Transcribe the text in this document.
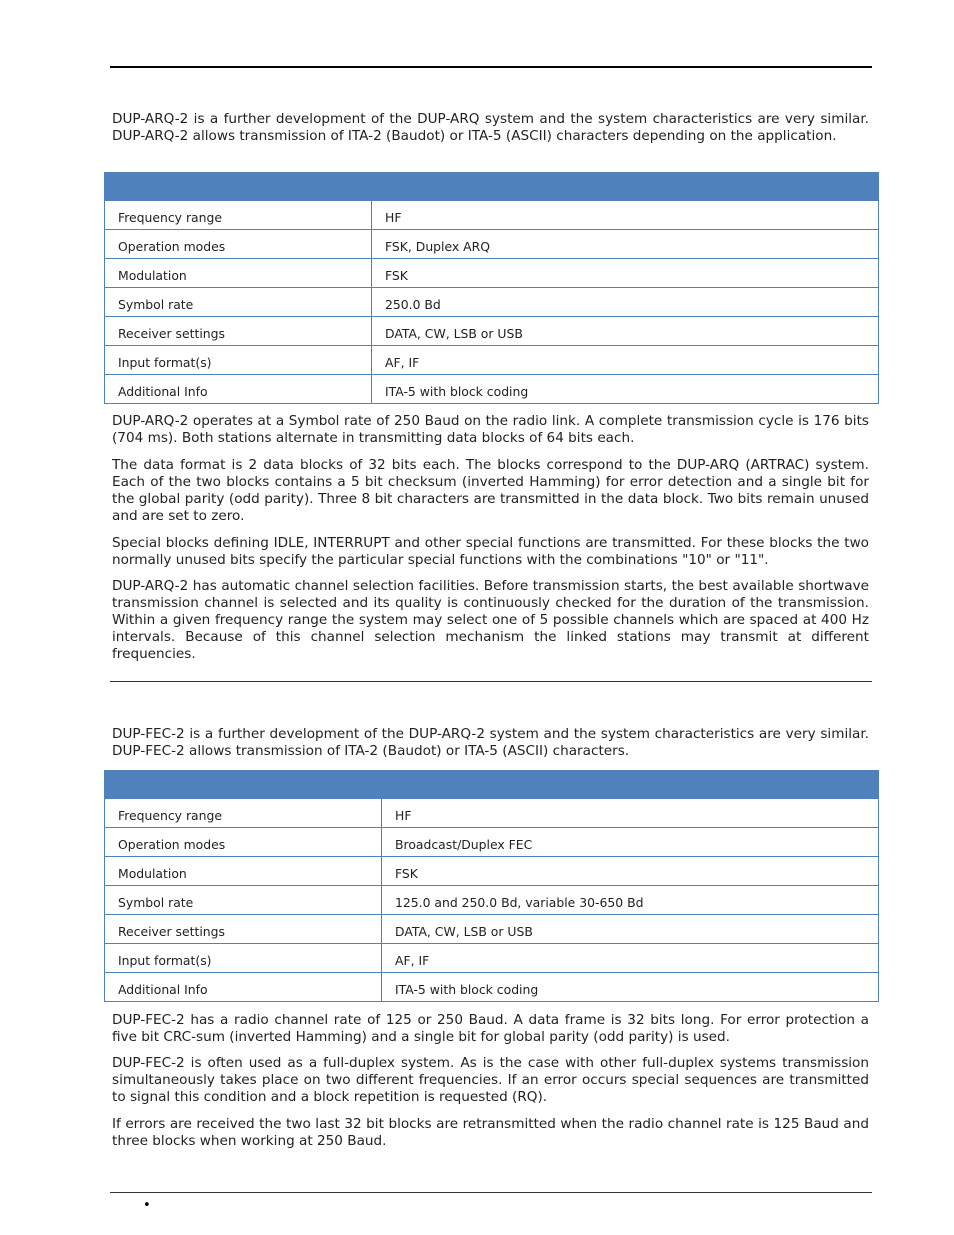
DUP-ARQ-2 is a further development of the DUP-ARQ system and the system characteristics are very similar. DUP-ARQ-2 allows transmission of ITA-2 (Baudot) or ITA-5 (ASCII) characters depending on the application.

Frequency range	HF
Operation modes	FSK, Duplex ARQ
Modulation	FSK
Symbol rate	250.0 Bd
Receiver settings	DATA, CW, LSB or USB
Input format(s)	AF, IF
Additional Info	ITA-5 with block coding

DUP-ARQ-2 operates at a Symbol rate of 250 Baud on the radio link. A complete transmission cycle is 176 bits (704 ms). Both stations alternate in transmitting data blocks of 64 bits each.

The data format is 2 data blocks of 32 bits each. The blocks correspond to the DUP-ARQ (ARTRAC) system. Each of the two blocks contains a 5 bit checksum (inverted Hamming) for error detection and a single bit for the global parity (odd parity). Three 8 bit characters are transmitted in the data block. Two bits remain unused and are set to zero.

Special blocks defining IDLE, INTERRUPT and other special functions are transmitted. For these blocks the two normally unused bits specify the particular special functions with the combinations "10" or "11".

DUP-ARQ-2 has automatic channel selection facilities. Before transmission starts, the best available shortwave transmission channel is selected and its quality is continuously checked for the duration of the transmission. Within a given frequency range the system may select one of 5 possible channels which are spaced at 400 Hz intervals. Because of this channel selection mechanism the linked stations may transmit at different frequencies.

DUP-FEC-2 is a further development of the DUP-ARQ-2 system and the system characteristics are very similar. DUP-FEC-2 allows transmission of ITA-2 (Baudot) or ITA-5 (ASCII) characters.

Frequency range	HF
Operation modes	Broadcast/Duplex FEC
Modulation	FSK
Symbol rate	125.0 and 250.0 Bd, variable 30-650 Bd
Receiver settings	DATA, CW, LSB or USB
Input format(s)	AF, IF
Additional Info	ITA-5 with block coding

DUP-FEC-2 has a radio channel rate of 125 or 250 Baud. A data frame is 32 bits long. For error protection a five bit CRC-sum (inverted Hamming) and a single bit for global parity (odd parity) is used.

DUP-FEC-2 is often used as a full-duplex system. As is the case with other full-duplex systems transmission simultaneously takes place on two different frequencies. If an error occurs special sequences are transmitted to signal this condition and a block repetition is requested (RQ).

If errors are received the two last 32 bit blocks are retransmitted when the radio channel rate is 125 Baud and three blocks when working at 250 Baud.

•
